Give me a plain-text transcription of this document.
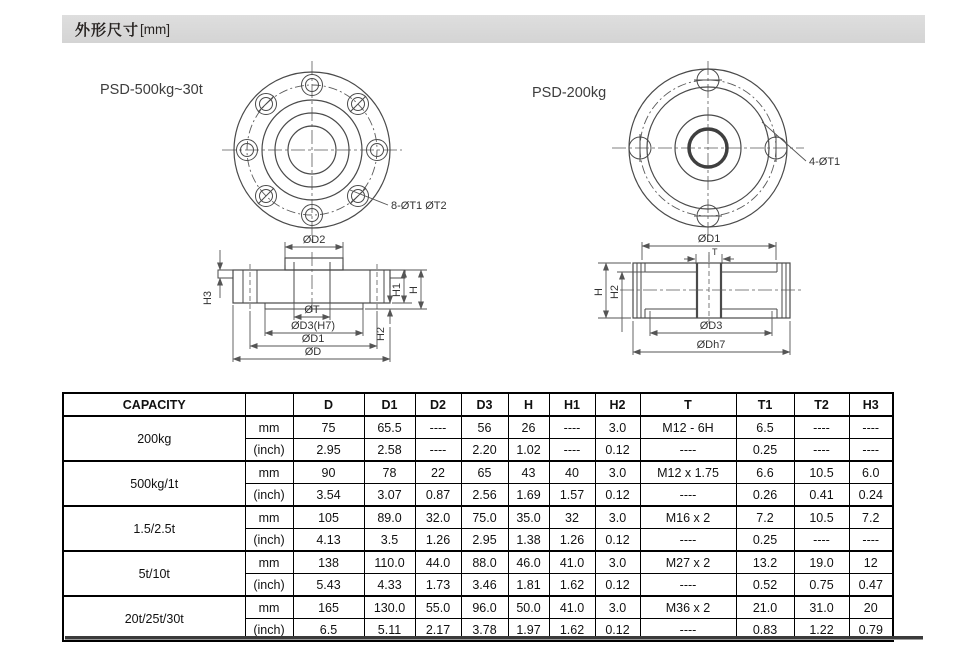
外形尺寸 [mm]
PSD-500kg~30t
8-ØT1 ØT2
ØD2
H3
H1 H
H2
ØT
ØD3(H7)
ØD1
ØD
PSD-200kg
4-ØT1
ØD1
T
H H2
ØD3
ØDh7
CAPACITY		D	D1	D2	D3	H	H1	H2	T	T1	T2	H3
200kg	mm	75	65.5	----	56	26	----	3.0	M12 - 6H	6.5	----	----
	(inch)	2.95	2.58	----	2.20	1.02	----	0.12	----	0.25	----	----
500kg/1t	mm	90	78	22	65	43	40	3.0	M12 x 1.75	6.6	10.5	6.0
	(inch)	3.54	3.07	0.87	2.56	1.69	1.57	0.12	----	0.26	0.41	0.24
1.5/2.5t	mm	105	89.0	32.0	75.0	35.0	32	3.0	M16 x 2	7.2	10.5	7.2
	(inch)	4.13	3.5	1.26	2.95	1.38	1.26	0.12	----	0.25	----	----
5t/10t	mm	138	110.0	44.0	88.0	46.0	41.0	3.0	M27 x 2	13.2	19.0	12
	(inch)	5.43	4.33	1.73	3.46	1.81	1.62	0.12	----	0.52	0.75	0.47
20t/25t/30t	mm	165	130.0	55.0	96.0	50.0	41.0	3.0	M36 x 2	21.0	31.0	20
	(inch)	6.5	5.11	2.17	3.78	1.97	1.62	0.12	----	0.83	1.22	0.79
